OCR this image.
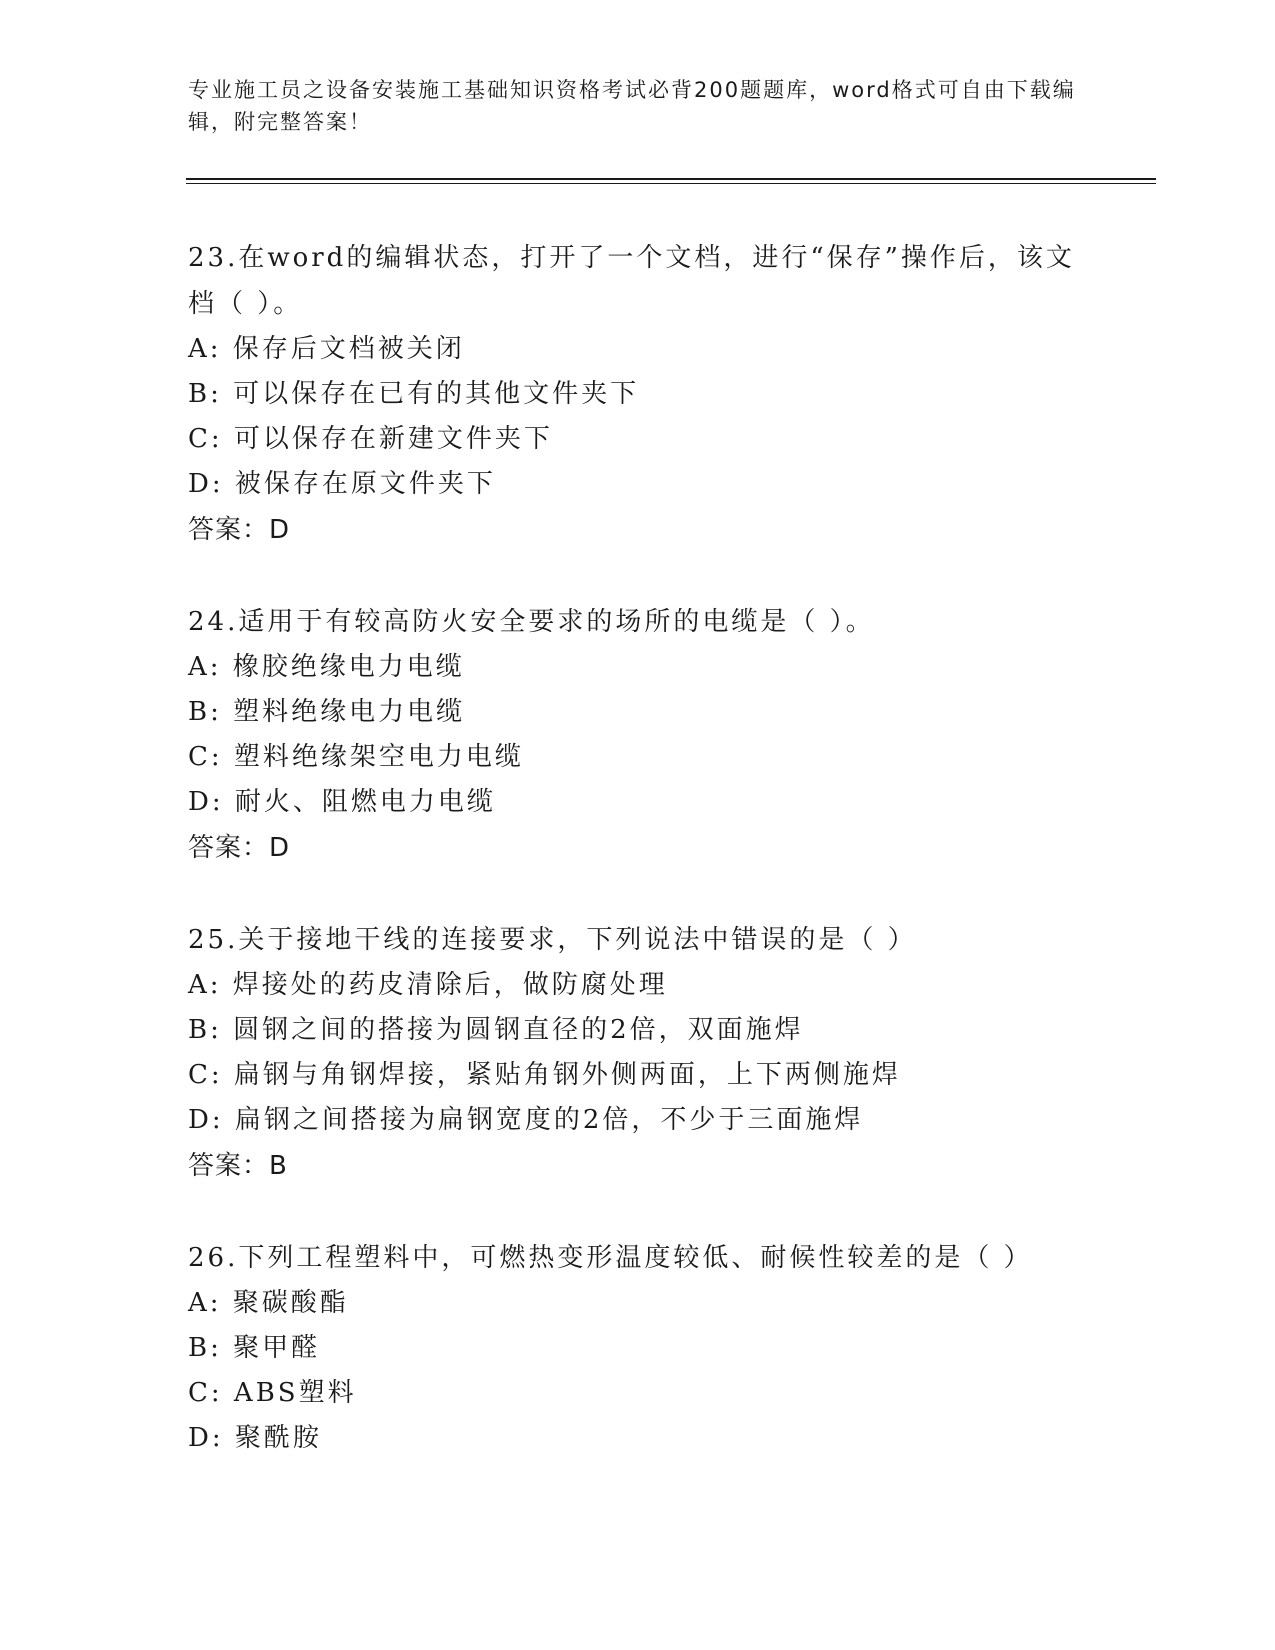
专业施工员之设备安装施工基础知识资格考试必背200题题库，word格式可自由下载编辑，附完整答案！

23.在word的编辑状态，打开了一个文档，进行“保存”操作后，该文档（ ）。

A: 保存后文档被关闭

B: 可以保存在已有的其他文件夹下

C: 可以保存在新建文件夹下

D: 被保存在原文件夹下

答案：D

24.适用于有较高防火安全要求的场所的电缆是（ ）。

A: 橡胶绝缘电力电缆

B: 塑料绝缘电力电缆

C: 塑料绝缘架空电力电缆

D: 耐火、阻燃电力电缆

答案：D

25.关于接地干线的连接要求，下列说法中错误的是（ ）

A: 焊接处的药皮清除后，做防腐处理

B: 圆钢之间的搭接为圆钢直径的2倍，双面施焊

C: 扁钢与角钢焊接，紧贴角钢外侧两面，上下两侧施焊

D: 扁钢之间搭接为扁钢宽度的2倍，不少于三面施焊

答案：B

26.下列工程塑料中，可燃热变形温度较低、耐候性较差的是（ ）

A: 聚碳酸酯

B: 聚甲醛

C: ABS塑料

D: 聚酰胺
